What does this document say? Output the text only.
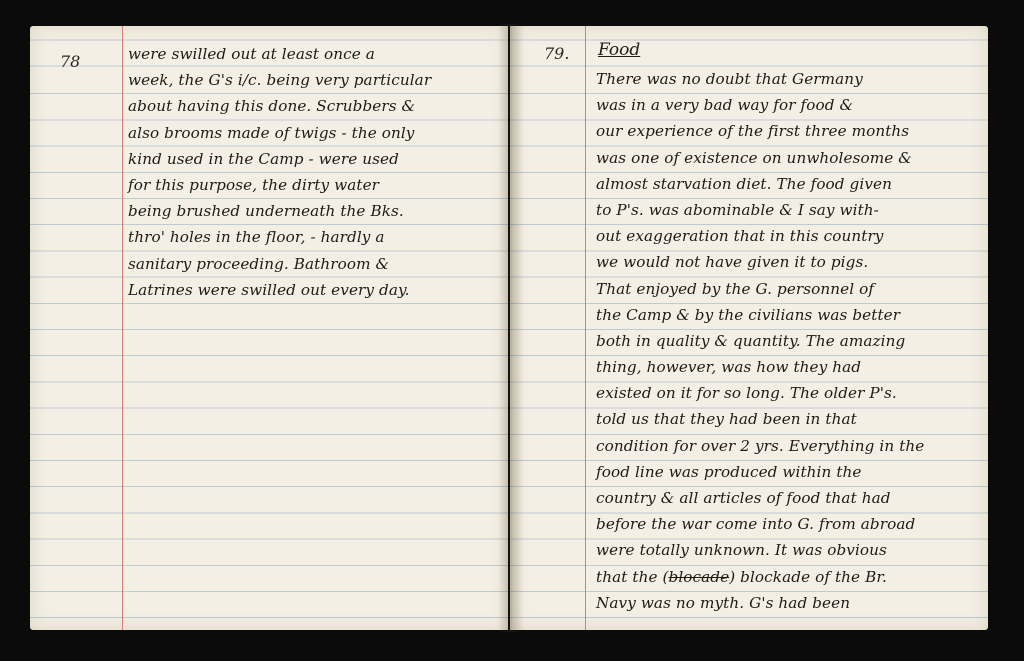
78	were swilled out at least once a
week, the G's i/c. being very particular
about having this done. Scrubbers &
also brooms made of twigs - the only
kind used in the Camp - were used
for this purpose, the dirty water
being brushed underneath the Bks.
thro' holes in the floor, - hardly a
sanitary proceeding. Bathroom &
Latrines were swilled out every day.
79. Food
There was no doubt that Germany
was in a very bad way for food &
our experience of the first three months
was one of existence on unwholesome &
almost starvation diet. The food given
to P's. was abominable & I say with-
out exaggeration that in this country
we would not have given it to pigs.
That enjoyed by the G. personnel of
the Camp & by the civilians was better
both in quality & quantity. The amazing
thing, however, was how they had
existed on it for so long. The older P's.
told us that they had been in that
condition for over 2 yrs. Everything in the
food line was produced within the
country & all articles of food that had
before the war come into G. from abroad
were totally unknown. It was obvious
that the (blocade) blockade of the Br.
Navy was no myth. G's had been
